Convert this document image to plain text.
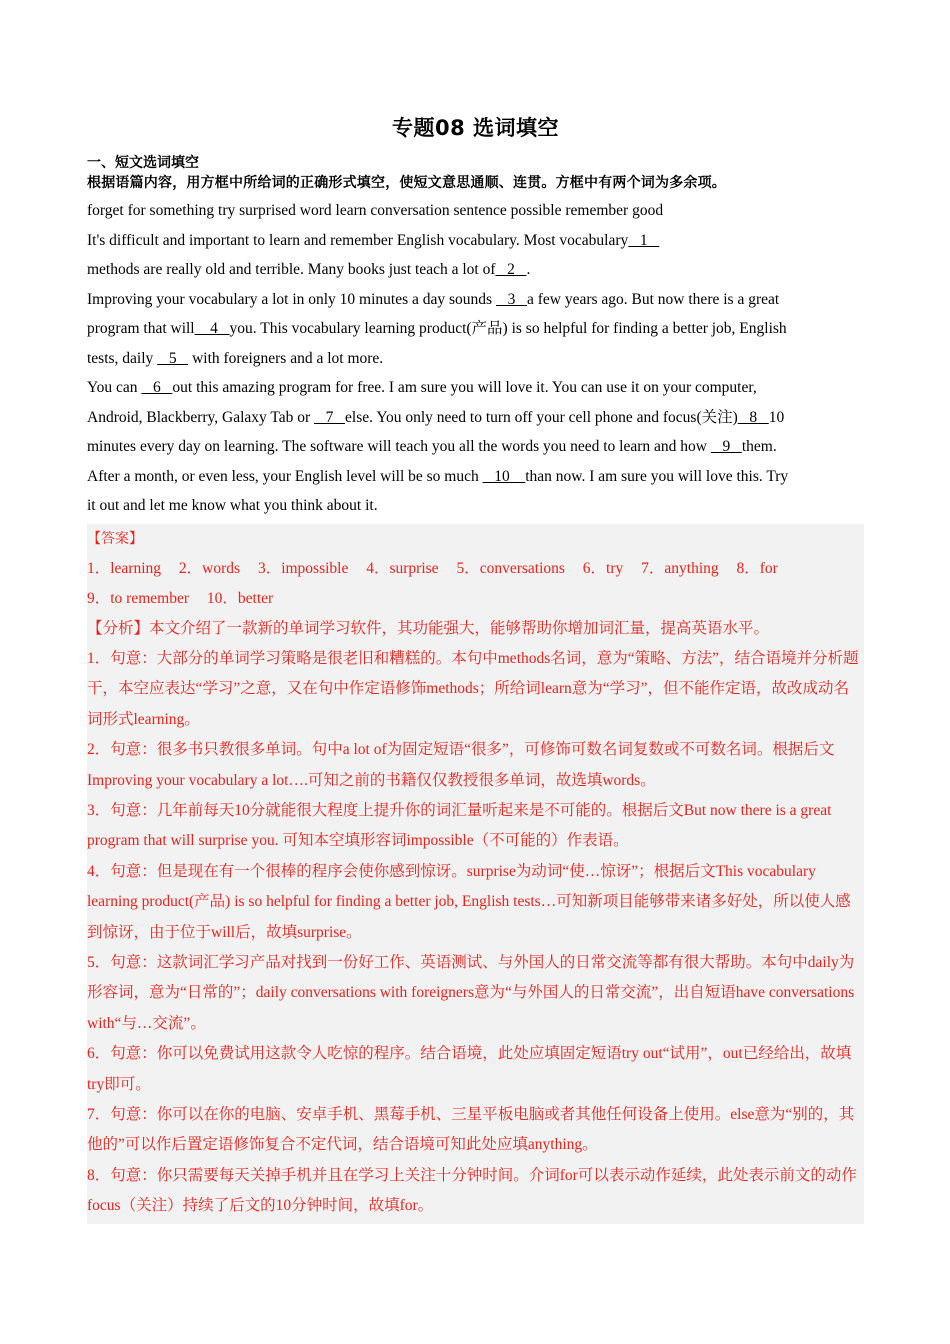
专题08 选词填空
一、短文选词填空
根据语篇内容，用方框中所给词的正确形式填空，使短文意思通顺、连贯。方框中有两个词为多余项。
forget for something try surprised word learn conversation sentence possible remember good
It's difficult and important to learn and remember English vocabulary. Most vocabulary   1
methods are really old and terrible. Many books just teach a lot of   2   .
Improving your vocabulary a lot in only 10 minutes a day sounds    3   a few years ago. But now there is a great
program that will    4   you. This vocabulary learning product(产品) is so helpful for finding a better job, English
tests, daily    5    with foreigners and a lot more.
You can    6   out this amazing program for free. I am sure you will love it. You can use it on your computer,
Android, Blackberry, Galaxy Tab or    7   else. You only need to turn off your cell phone and focus(关注)   8   10
minutes every day on learning. The software will teach you all the words you need to learn and how    9   them.
After a month, or even less, your English level will be so much    10    than now. I am sure you will love this. Try
it out and let me know what you think about it.
【答案】
1．learning 2．words 3．impossible 4．surprise 5．conversations 6．try 7．anything 8．for
9．to remember 10．better
【分析】本文介绍了一款新的单词学习软件，其功能强大，能够帮助你增加词汇量，提高英语水平。
1．句意：大部分的单词学习策略是很老旧和糟糕的。本句中methods名词，意为“策略、方法”，结合语境并分析题干，本空应表达“学习”之意，又在句中作定语修饰methods；所给词learn意为“学习”，但不能作定语，故改成动名词形式learning。
2．句意：很多书只教很多单词。句中a lot of为固定短语“很多”，可修饰可数名词复数或不可数名词。根据后文Improving your vocabulary a lot….可知之前的书籍仅仅教授很多单词，故选填words。
3．句意：几年前每天10分就能很大程度上提升你的词汇量听起来是不可能的。根据后文But now there is a great program that will surprise you. 可知本空填形容词impossible（不可能的）作表语。
4．句意：但是现在有一个很棒的程序会使你感到惊讶。surprise为动词“使…惊讶”；根据后文This vocabulary learning product(产品) is so helpful for finding a better job, English tests…可知新项目能够带来诸多好处，所以使人感到惊讶，由于位于will后，故填surprise。
5．句意：这款词汇学习产品对找到一份好工作、英语测试、与外国人的日常交流等都有很大帮助。本句中daily为形容词，意为“日常的”；daily conversations with foreigners意为“与外国人的日常交流”，出自短语have conversations with“与…交流”。
6．句意：你可以免费试用这款令人吃惊的程序。结合语境，此处应填固定短语try out“试用”，out已经给出，故填try即可。
7．句意：你可以在你的电脑、安卓手机、黑莓手机、三星平板电脑或者其他任何设备上使用。else意为“别的，其他的”可以作后置定语修饰复合不定代词，结合语境可知此处应填anything。
8．句意：你只需要每天关掉手机并且在学习上关注十分钟时间。介词for可以表示动作延续，此处表示前文的动作focus（关注）持续了后文的10分钟时间，故填for。
